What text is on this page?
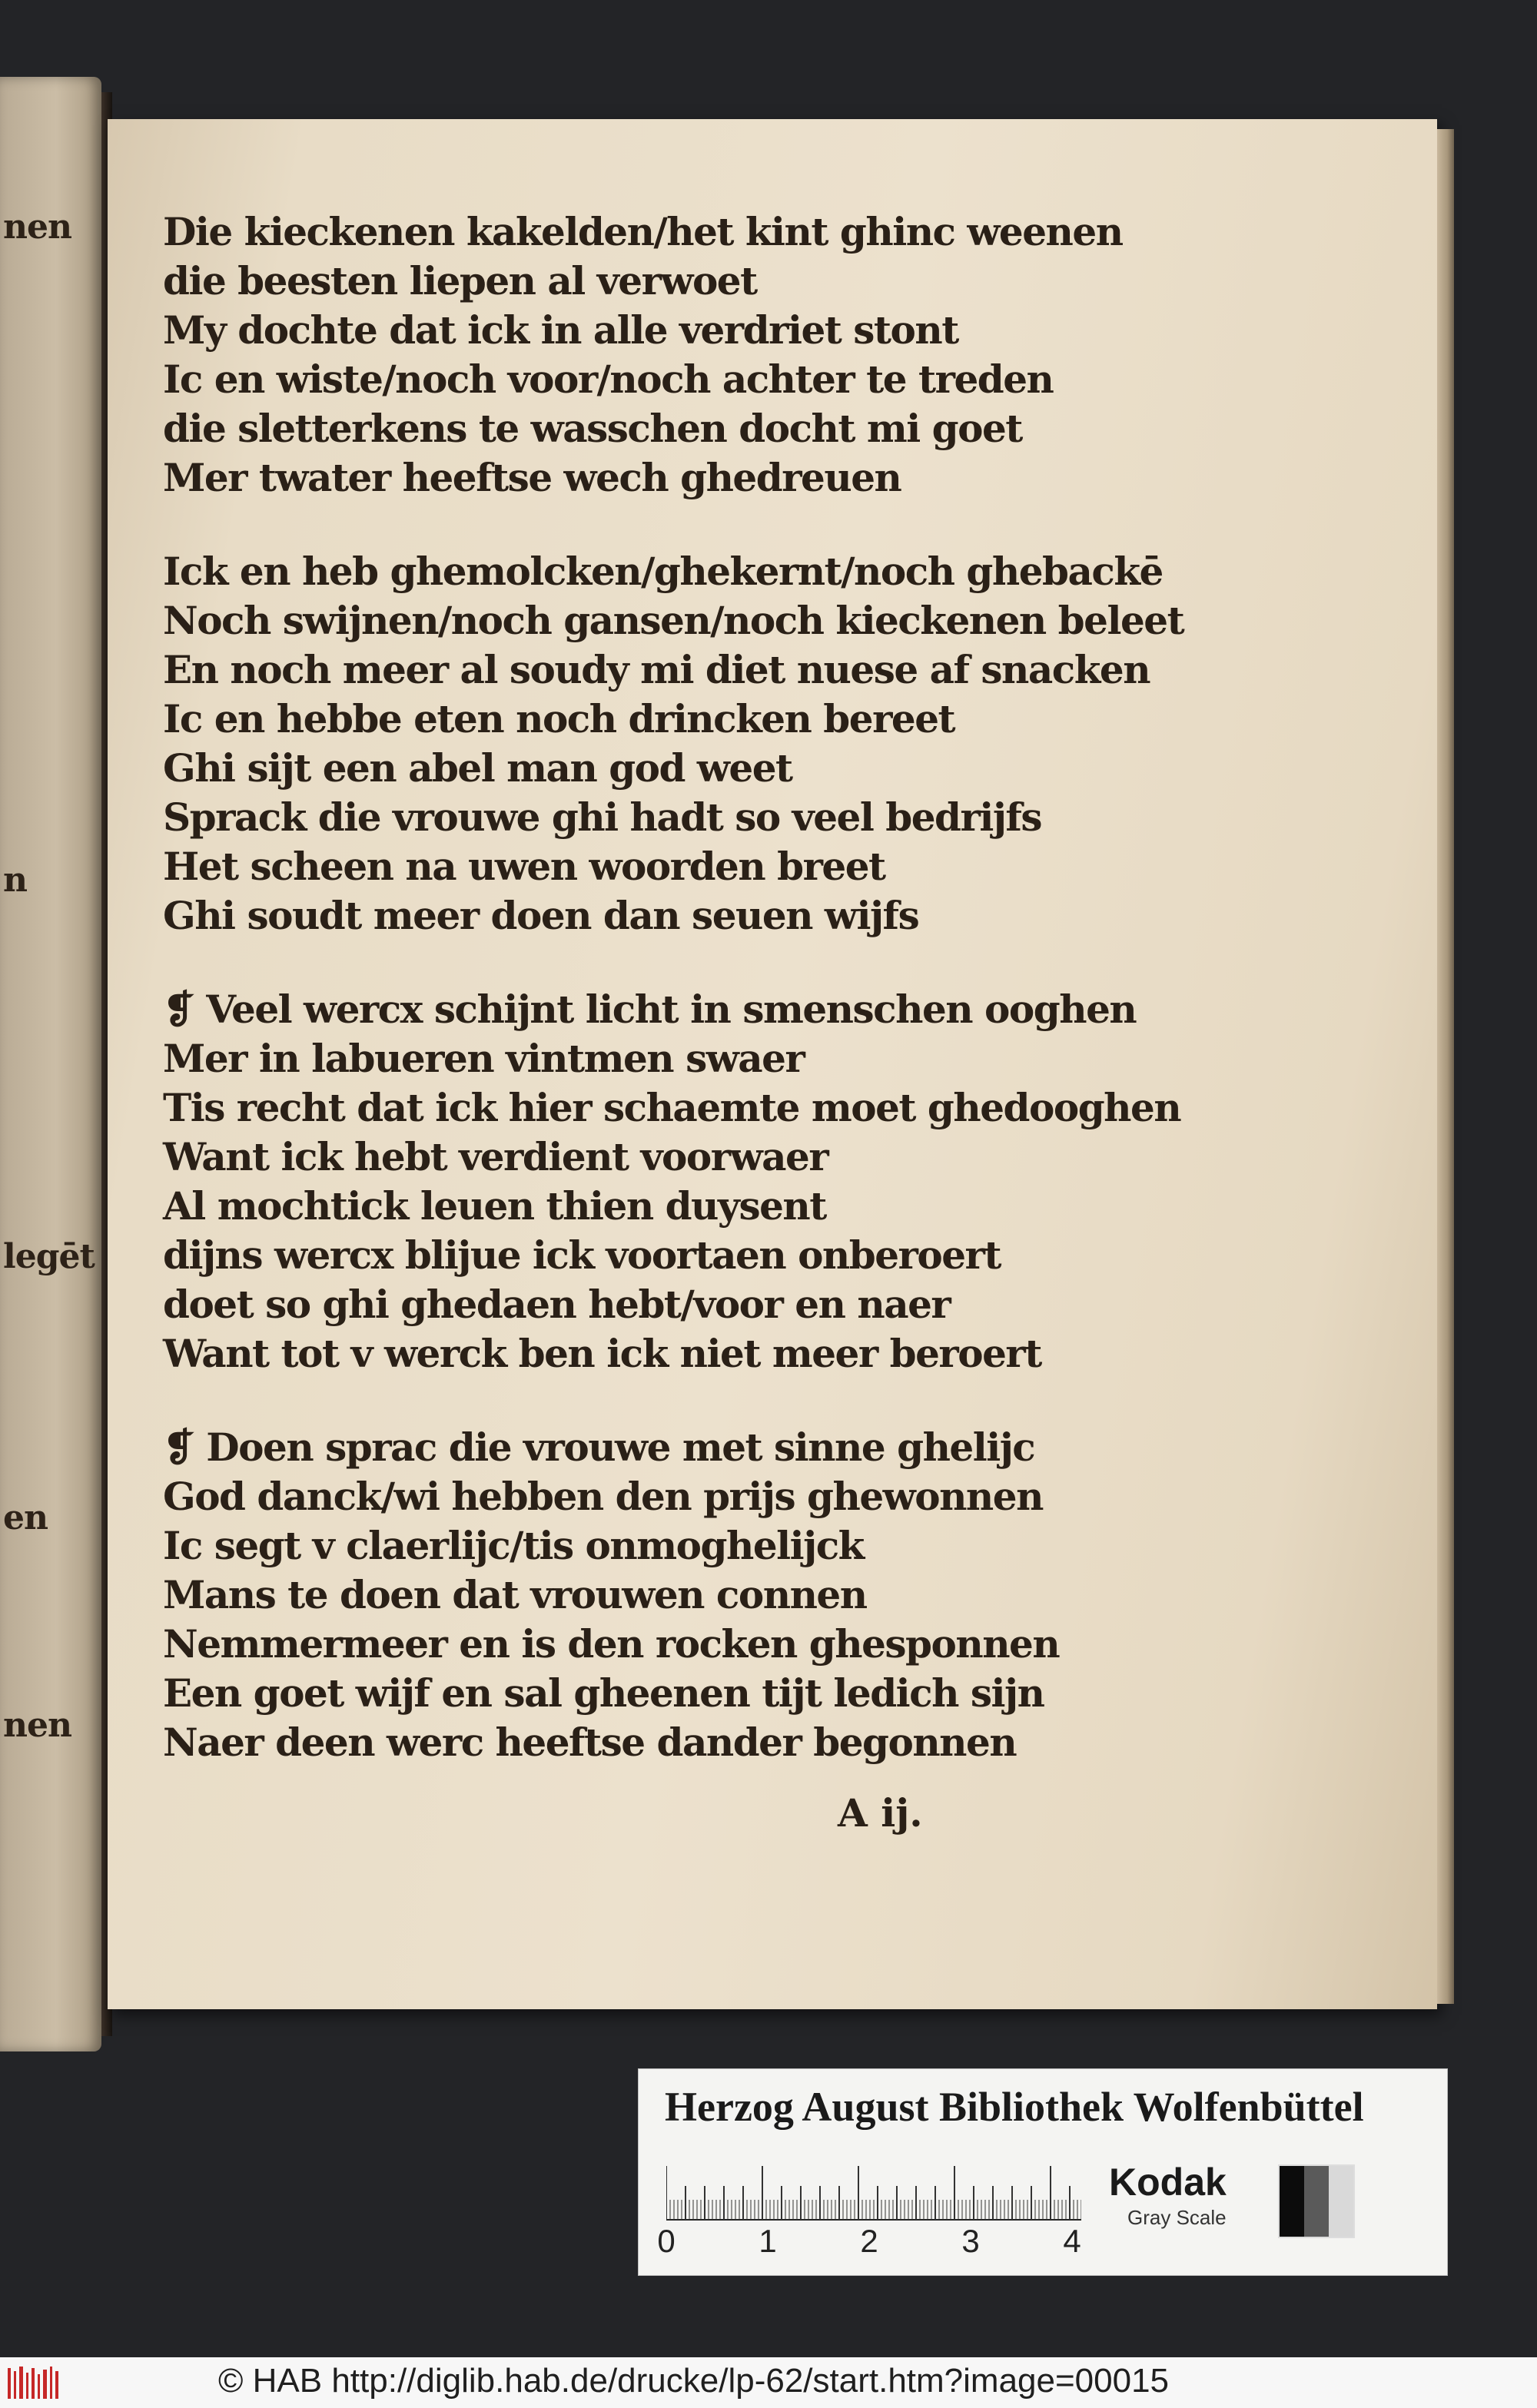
nen
n
legēt
en
nen
Die kieckenen kakelden/het kint ghinc weenen
die beesten liepen al verwoet
My dochte dat ick in alle verdriet stont
Ic en wiste/noch voor/noch achter te treden
die sletterkens te wasschen docht mi goet
Mer twater heeftse wech ghedreuen
Ick en heb ghemolcken/ghekernt/noch ghebackē
Noch swijnen/noch gansen/noch kieckenen beleet
En noch meer al soudy mi diet nuese af snacken
Ic en hebbe eten noch drincken bereet
Ghi sijt een abel man god weet
Sprack die vrouwe ghi hadt so veel bedrijfs
Het scheen na uwen woorden breet
Ghi soudt meer doen dan seuen wijfs
❡ Veel wercx schijnt licht in smenschen ooghen
Mer in labueren vintmen swaer
Tis recht dat ick hier schaemte moet ghedooghen
Want ick hebt verdient voorwaer
Al mochtick leuen thien duysent
dijns wercx blijue ick voortaen onberoert
doet so ghi ghedaen hebt/voor en naer
Want tot v werck ben ick niet meer beroert
❡ Doen sprac die vrouwe met sinne ghelijc
God danck/wi hebben den prijs ghewonnen
Ic segt v claerlijc/tis onmoghelijck
Mans te doen dat vrouwen connen
Nemmermeer en is den rocken ghesponnen
Een goet wijf en sal gheenen tijt ledich sijn
Naer deen werc heeftse dander begonnen
A ij.
Herzog August Bibliothek Wolfenbüttel
0	1	2	3	4
Kodak
Gray Scale
© HAB http://diglib.hab.de/drucke/lp-62/start.htm?image=00015
